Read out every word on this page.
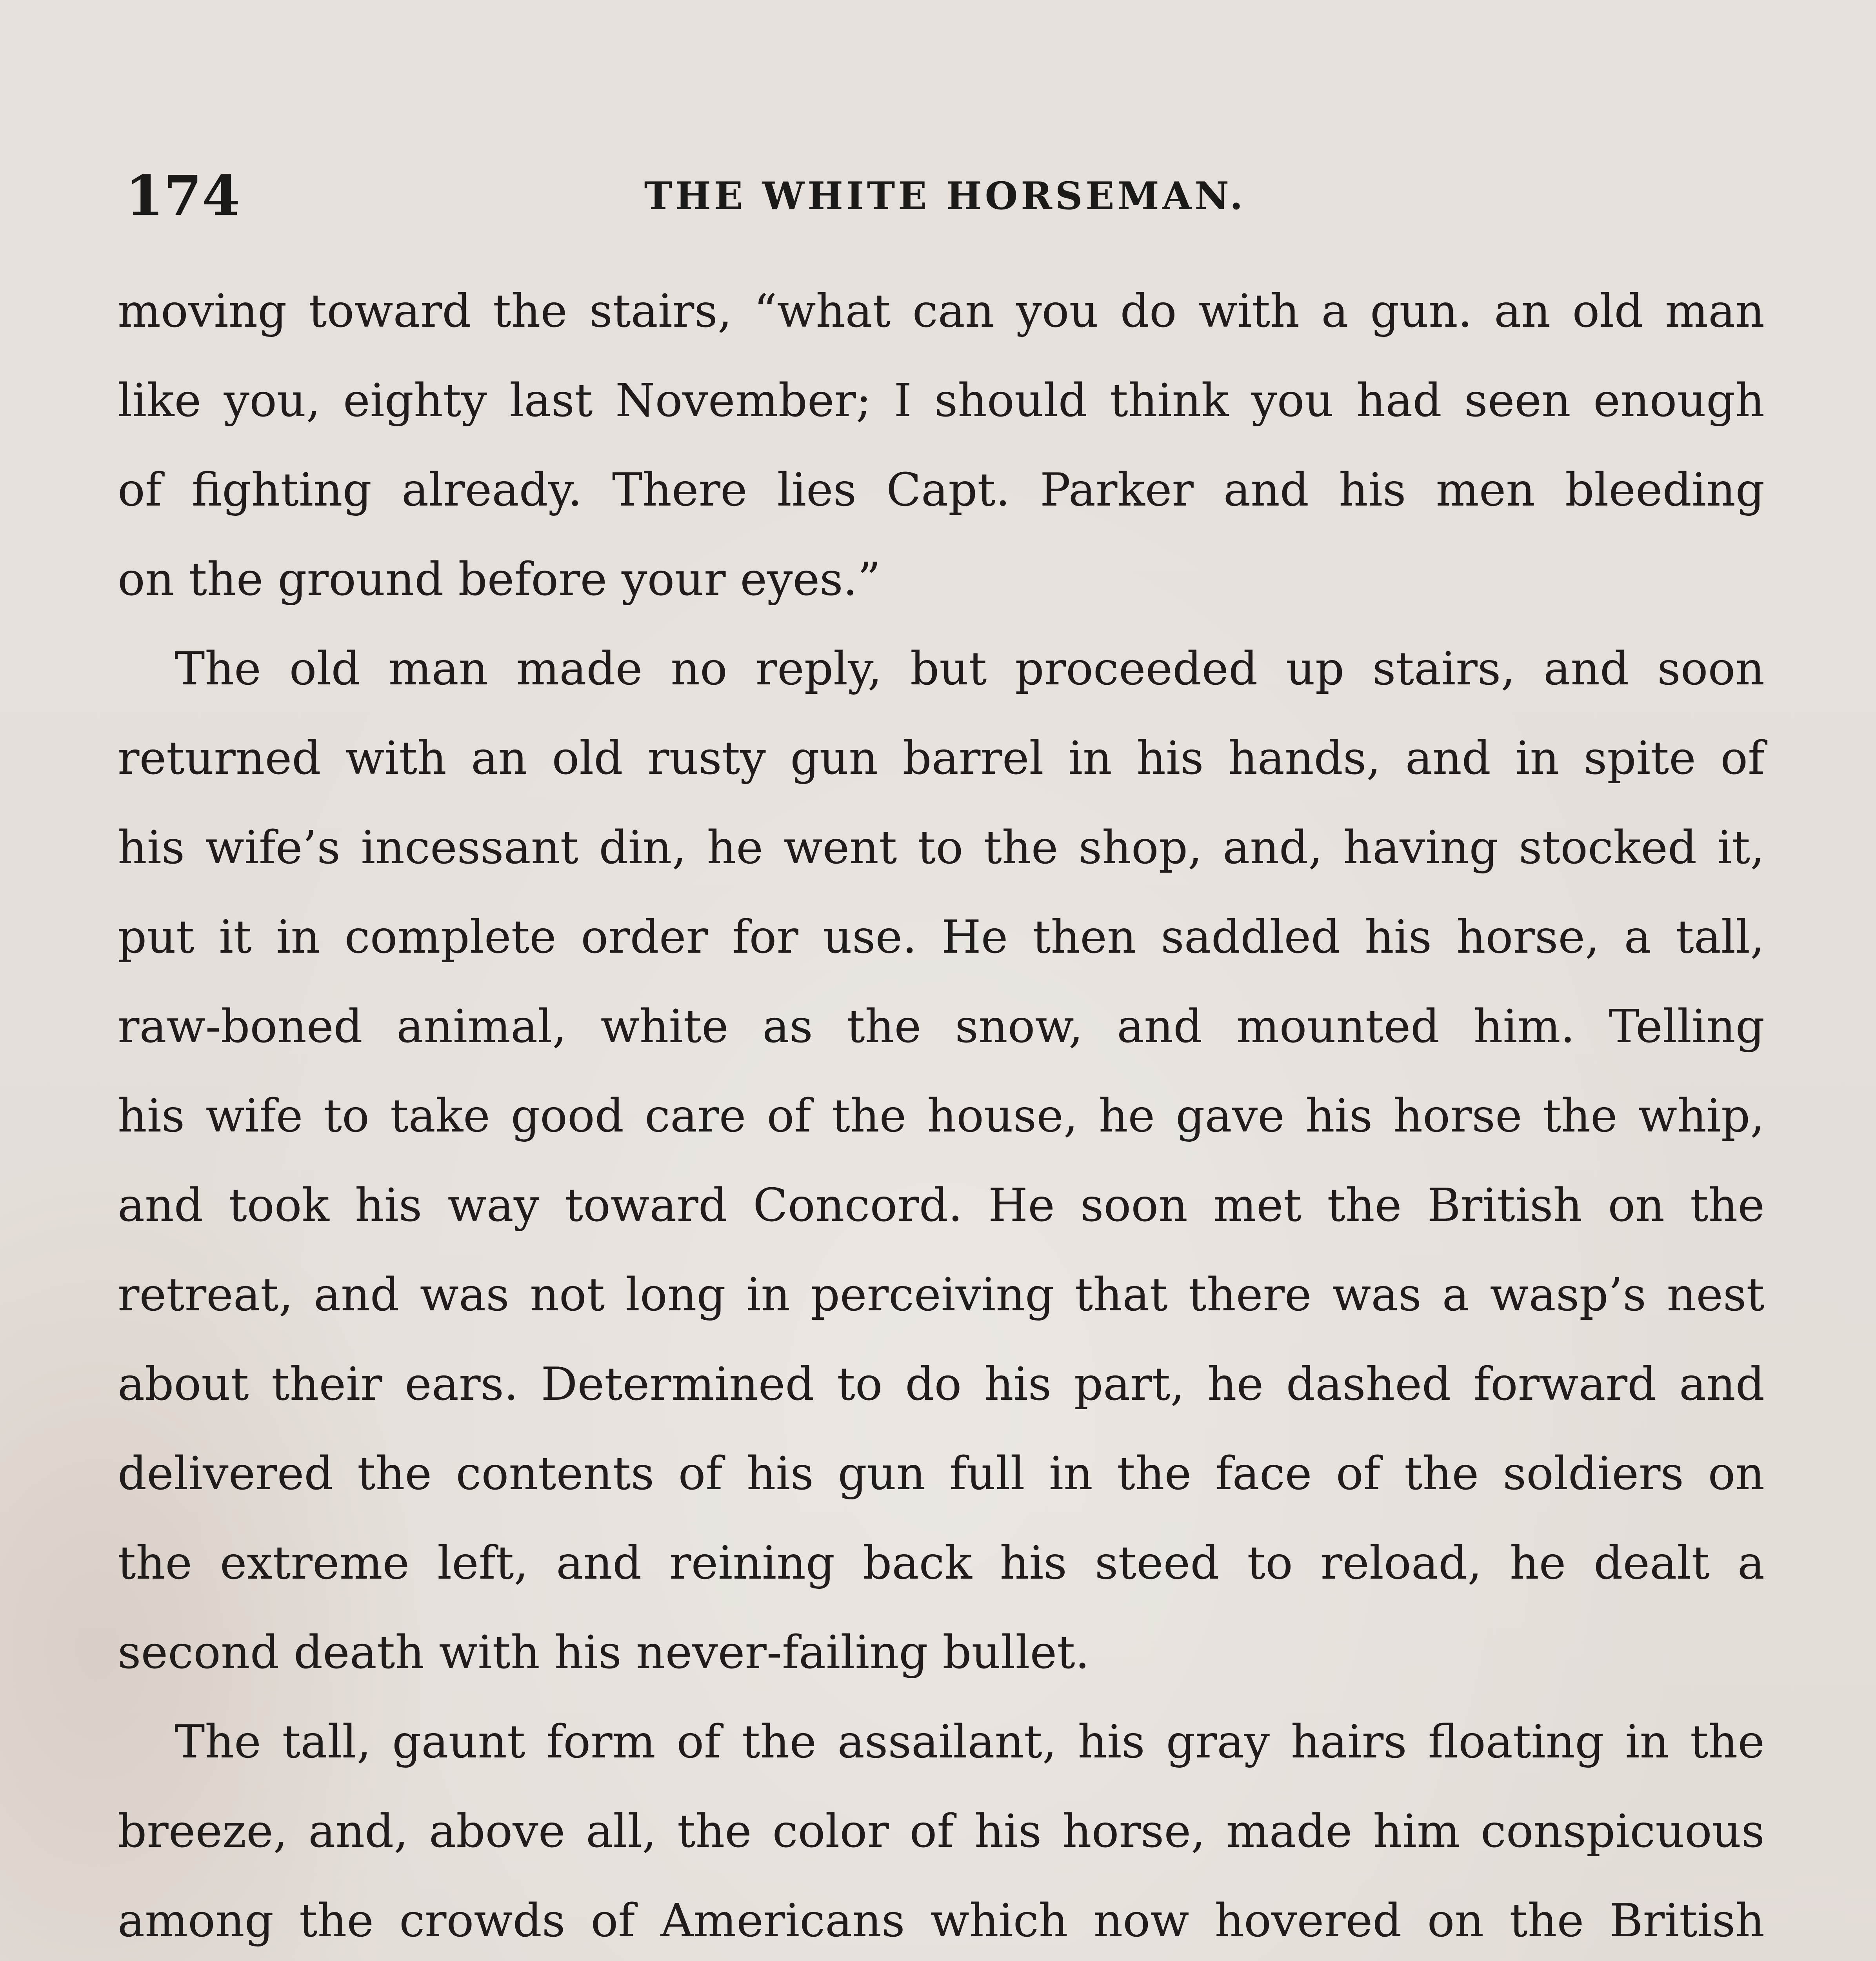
174	THE WHITE HORSEMAN.
moving toward the stairs, “what can you do with a gun. an old man
like you, eighty last November; I should think you had seen enough
of fighting already. There lies Capt. Parker and his men bleeding
on the ground before your eyes.”
The old man made no reply, but proceeded up stairs, and soon
returned with an old rusty gun barrel in his hands, and in spite of
his wife’s incessant din, he went to the shop, and, having stocked it,
put it in complete order for use. He then saddled his horse, a tall,
raw-boned animal, white as the snow, and mounted him. Telling
his wife to take good care of the house, he gave his horse the whip,
and took his way toward Concord. He soon met the British on the
retreat, and was not long in perceiving that there was a wasp’s nest
about their ears. Determined to do his part, he dashed forward and
delivered the contents of his gun full in the face of the soldiers on
the extreme left, and reining back his steed to reload, he dealt a
second death with his never-failing bullet.
The tall, gaunt form of the assailant, his gray hairs floating in the
breeze, and, above all, the color of his horse, made him conspicuous
among the crowds of Americans which now hovered on the British
